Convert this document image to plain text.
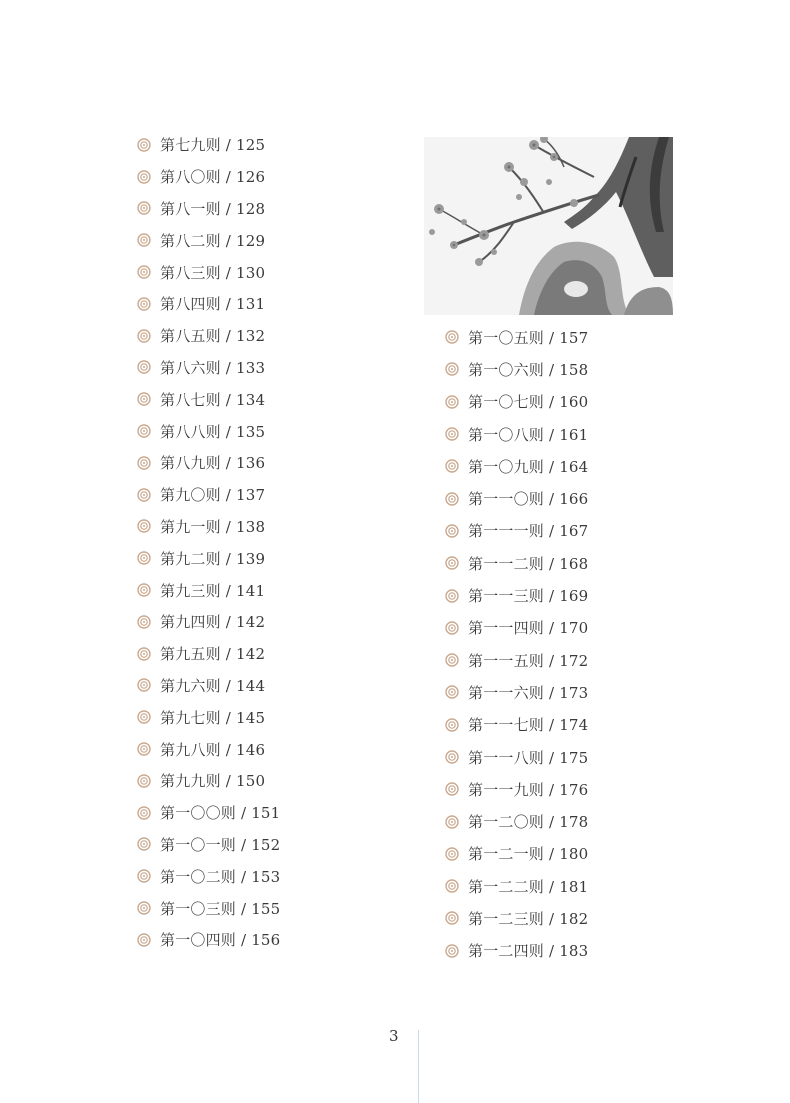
第七九则 / 125
第八〇则 / 126
第八一则 / 128
第八二则 / 129
第八三则 / 130
第八四则 / 131
第八五则 / 132
第八六则 / 133
第八七则 / 134
第八八则 / 135
第八九则 / 136
第九〇则 / 137
第九一则 / 138
第九二则 / 139
第九三则 / 141
第九四则 / 142
第九五则 / 142
第九六则 / 144
第九七则 / 145
第九八则 / 146
第九九则 / 150
第一〇〇则 / 151
第一〇一则 / 152
第一〇二则 / 153
第一〇三则 / 155
第一〇四则 / 156
第一〇五则 / 157
第一〇六则 / 158
第一〇七则 / 160
第一〇八则 / 161
第一〇九则 / 164
第一一〇则 / 166
第一一一则 / 167
第一一二则 / 168
第一一三则 / 169
第一一四则 / 170
第一一五则 / 172
第一一六则 / 173
第一一七则 / 174
第一一八则 / 175
第一一九则 / 176
第一二〇则 / 178
第一二一则 / 180
第一二二则 / 181
第一二三则 / 182
第一二四则 / 183
3
